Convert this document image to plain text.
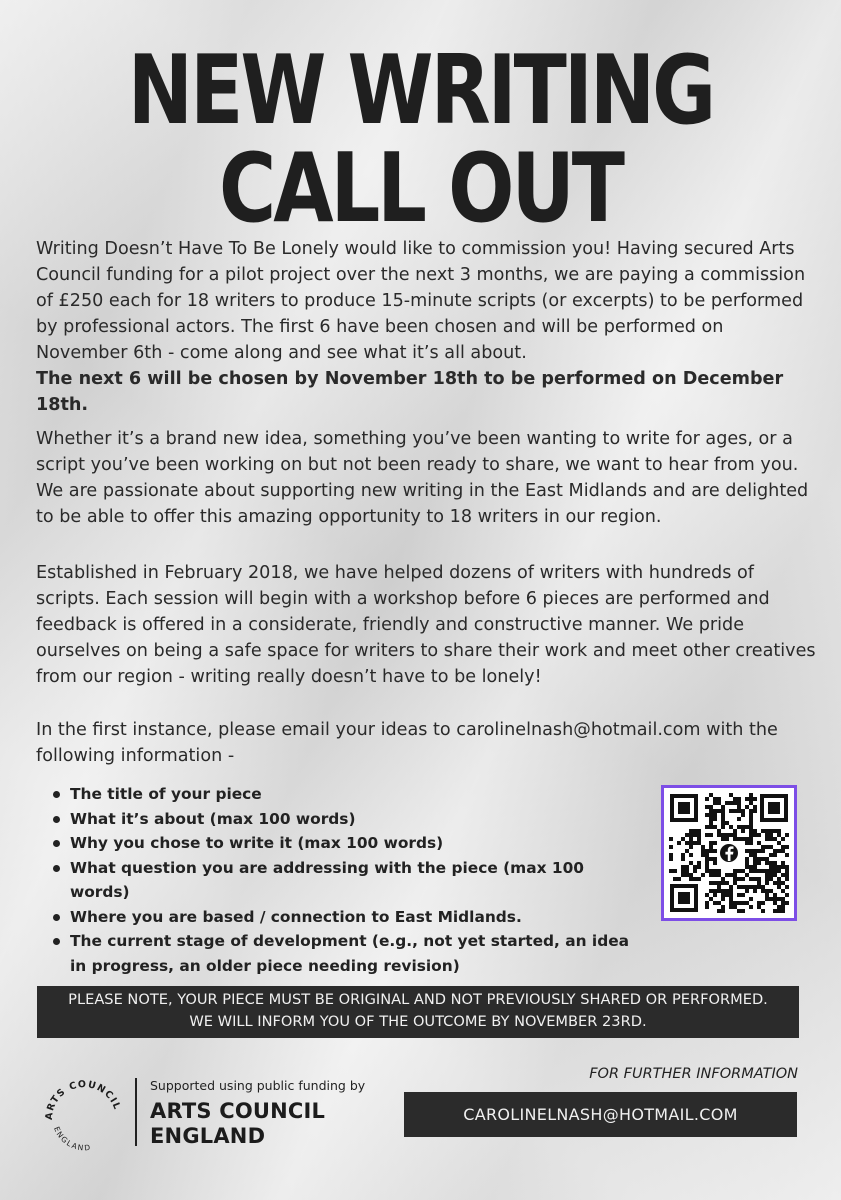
NEW WRITING
CALL OUT
Writing Doesn’t Have To Be Lonely would like to commission you! Having secured Arts Council funding for a pilot project over the next 3 months, we are paying a commission of £250 each for 18 writers to produce 15-minute scripts (or excerpts) to be performed by professional actors. The first 6 have been chosen and will be performed on November 6th - come along and see what it’s all about.
The next 6 will be chosen by November 18th to be performed on December 18th.
Whether it’s a brand new idea, something you’ve been wanting to write for ages, or a script you’ve been working on but not been ready to share, we want to hear from you. We are passionate about supporting new writing in the East Midlands and are delighted to be able to offer this amazing opportunity to 18 writers in our region.
Established in February 2018, we have helped dozens of writers with hundreds of scripts. Each session will begin with a workshop before 6 pieces are performed and feedback is offered in a considerate, friendly and constructive manner. We pride ourselves on being a safe space for writers to share their work and meet other creatives from our region - writing really doesn’t have to be lonely!
In the first instance, please email your ideas to carolinelnash@hotmail.com with the following information -
The title of your piece
What it’s about (max 100 words)
Why you chose to write it (max 100 words)
What question you are addressing with the piece (max 100 words)
Where you are based / connection to East Midlands.
The current stage of development (e.g., not yet started, an idea in progress, an older piece needing revision)
PLEASE NOTE, YOUR PIECE MUST BE ORIGINAL AND NOT PREVIOUSLY SHARED OR PERFORMED.
WE WILL INFORM YOU OF THE OUTCOME BY NOVEMBER 23RD.
ARTS COUNCIL
ENGLAND
Supported using public funding by
ARTS COUNCIL
ENGLAND
FOR FURTHER INFORMATION
CAROLINELNASH@HOTMAIL.COM
